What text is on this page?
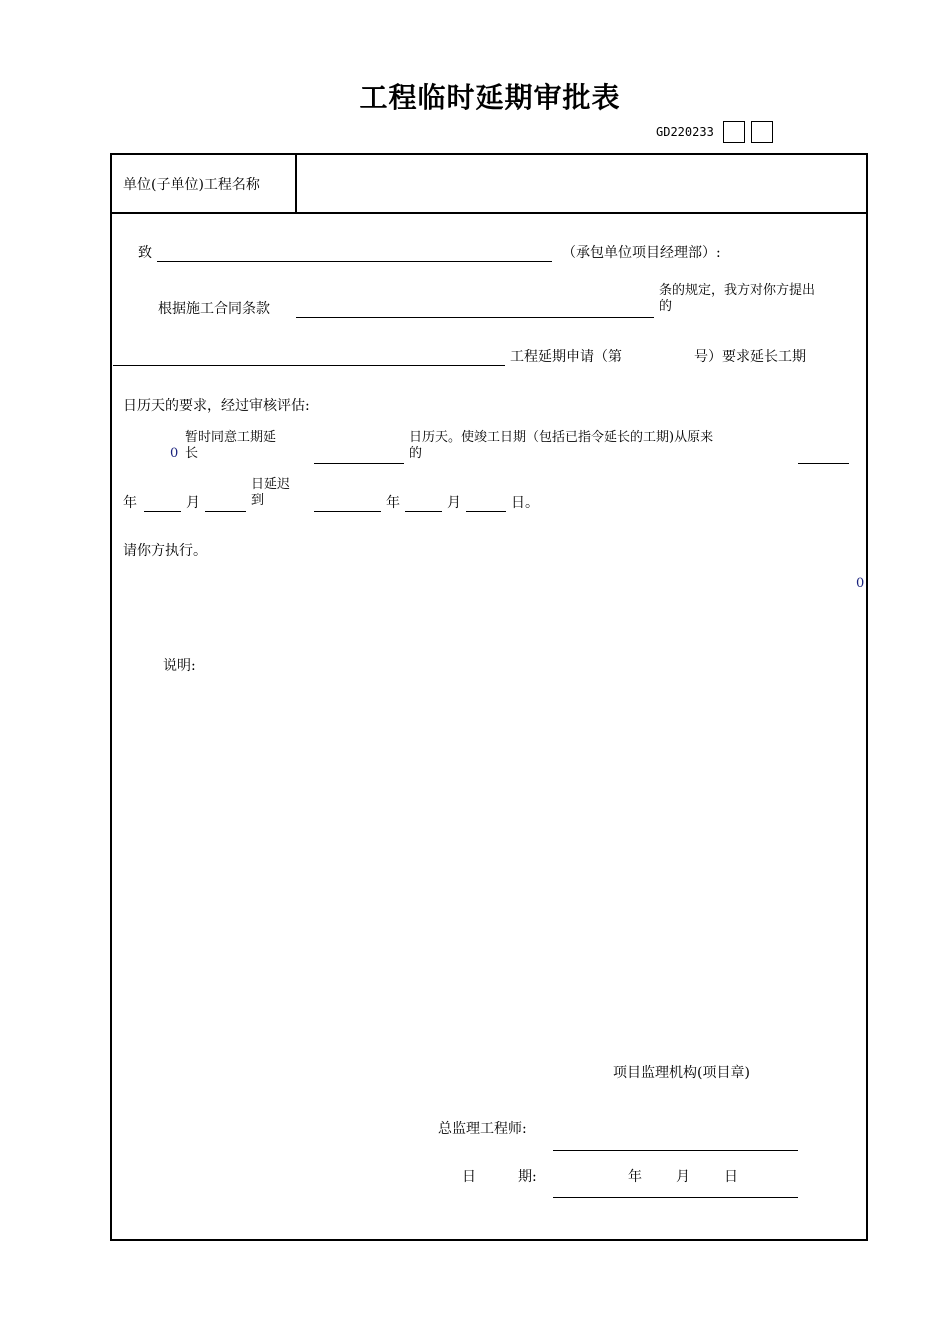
工程临时延期审批表
GD220233
单位(子单位)工程名称
致	（承包单位项目经理部）:
根据施工合同条款
条的规定，我方对你方提出
的
工程延期申请（第	号）要求延长工期
日历天的要求，经过审核评估:
0
暂时同意工期延
长
日历天。使竣工日期（包括已指令延长的工期)从原来
的
年	月
日延迟
到	年	月	日。
请你方执行。
0
说明:
项目监理机构(项目章)
总监理工程师:
日	期:	年 月 日
